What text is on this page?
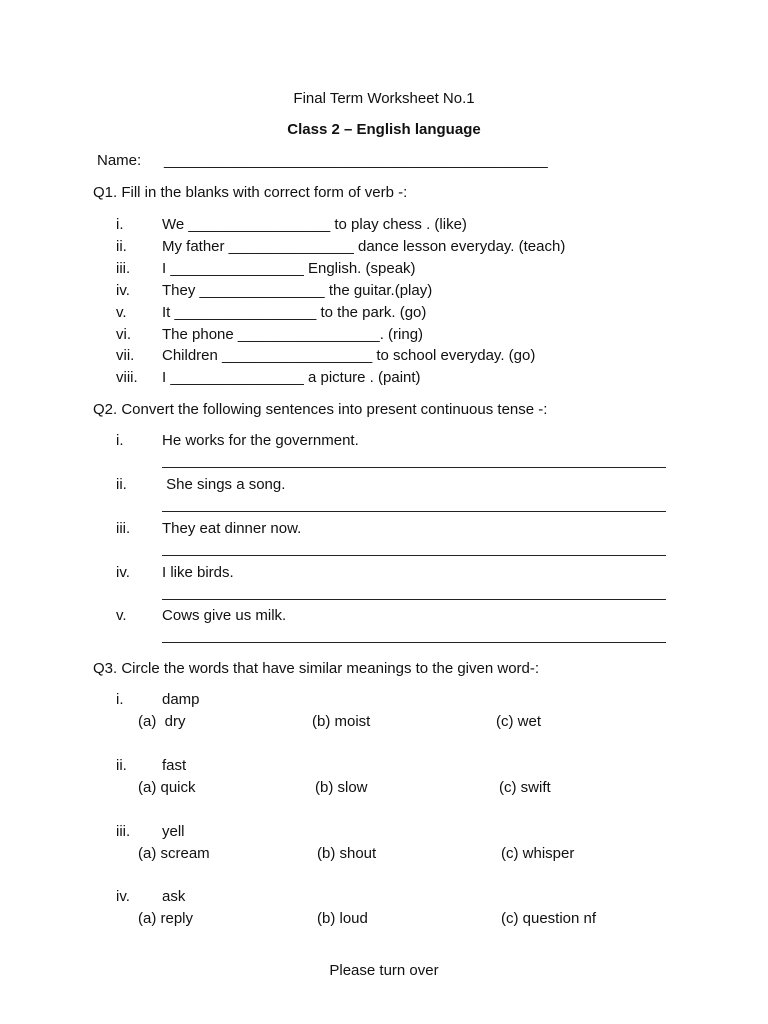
Final Term Worksheet No.1
Class 2 – English language
Name: ______________________________________________
Q1. Fill in the blanks with correct form of verb -:
i.	We _________________ to play chess . (like)
ii. My father _______________ dance lesson everyday. (teach)
iii. I ________________ English. (speak)
iv. They _______________ the guitar.(play)
v. It _________________ to the park. (go)
vi. The phone _________________. (ring)
vii. Children __________________ to school everyday. (go)
viii. I ________________ a picture . (paint)
Q2. Convert the following sentences into present continuous tense -:
i.	He works for the government.
ii. She sings a song.
iii. They eat dinner now.
iv. I like birds.
v. Cows give us milk.
Q3. Circle the words that have similar meanings to the given word-:
i.	damp
(a)  dry	(b) moist	(c) wet
ii. fast
(a) quick	(b) slow	(c) swift
iii. yell
(a) scream	(b) shout	(c) whisper
iv. ask
(a) reply	(b) loud	(c) question nf
Please turn over
